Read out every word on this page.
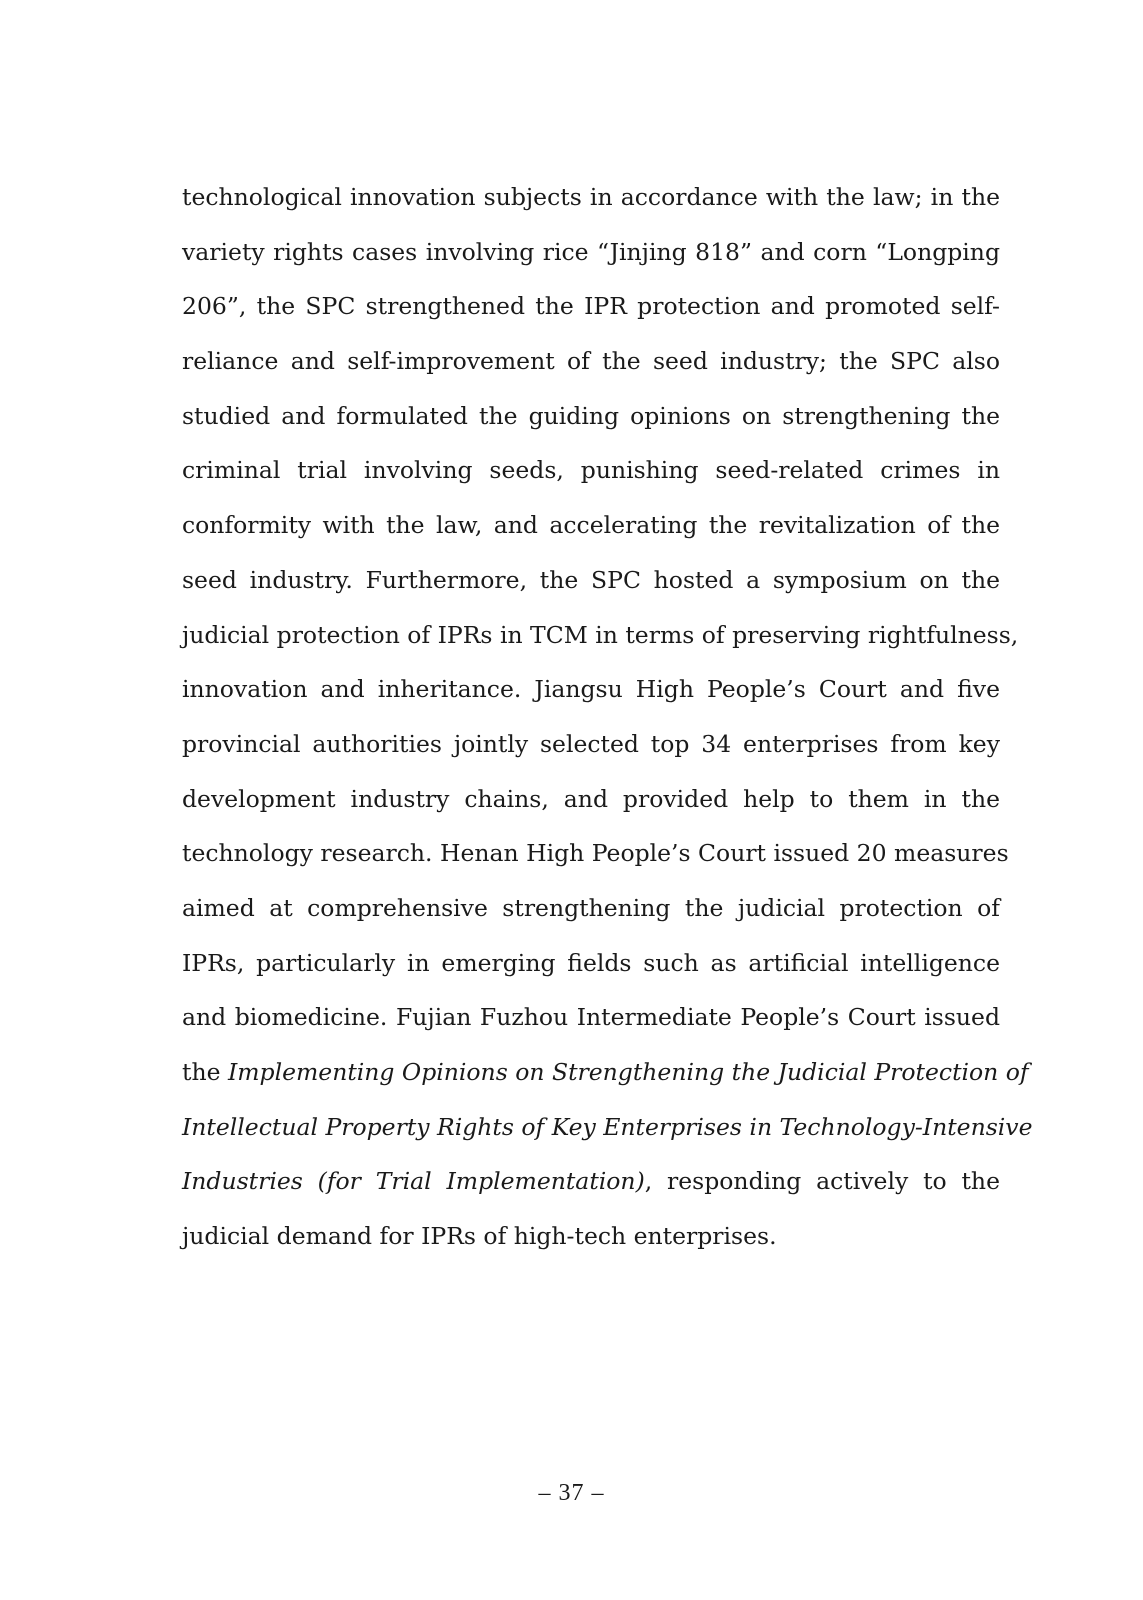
technological innovation subjects in accordance with the law; in the
variety rights cases involving rice “Jinjing 818” and corn “Longping
206”, the SPC strengthened the IPR protection and promoted self-
reliance and self-improvement of the seed industry; the SPC also
studied and formulated the guiding opinions on strengthening the
criminal trial involving seeds, punishing seed-related crimes in
conformity with the law, and accelerating the revitalization of the
seed industry. Furthermore, the SPC hosted a symposium on the
judicial protection of IPRs in TCM in terms of preserving rightfulness,
innovation and inheritance. Jiangsu High People’s Court and five
provincial authorities jointly selected top 34 enterprises from key
development industry chains, and provided help to them in the
technology research. Henan High People’s Court issued 20 measures
aimed at comprehensive strengthening the judicial protection of
IPRs, particularly in emerging fields such as artificial intelligence
and biomedicine. Fujian Fuzhou Intermediate People’s Court issued
the Implementing Opinions on Strengthening the Judicial Protection of
Intellectual Property Rights of Key Enterprises in Technology-Intensive
Industries (for Trial Implementation), responding actively to the
judicial demand for IPRs of high-tech enterprises.
– 37 –
